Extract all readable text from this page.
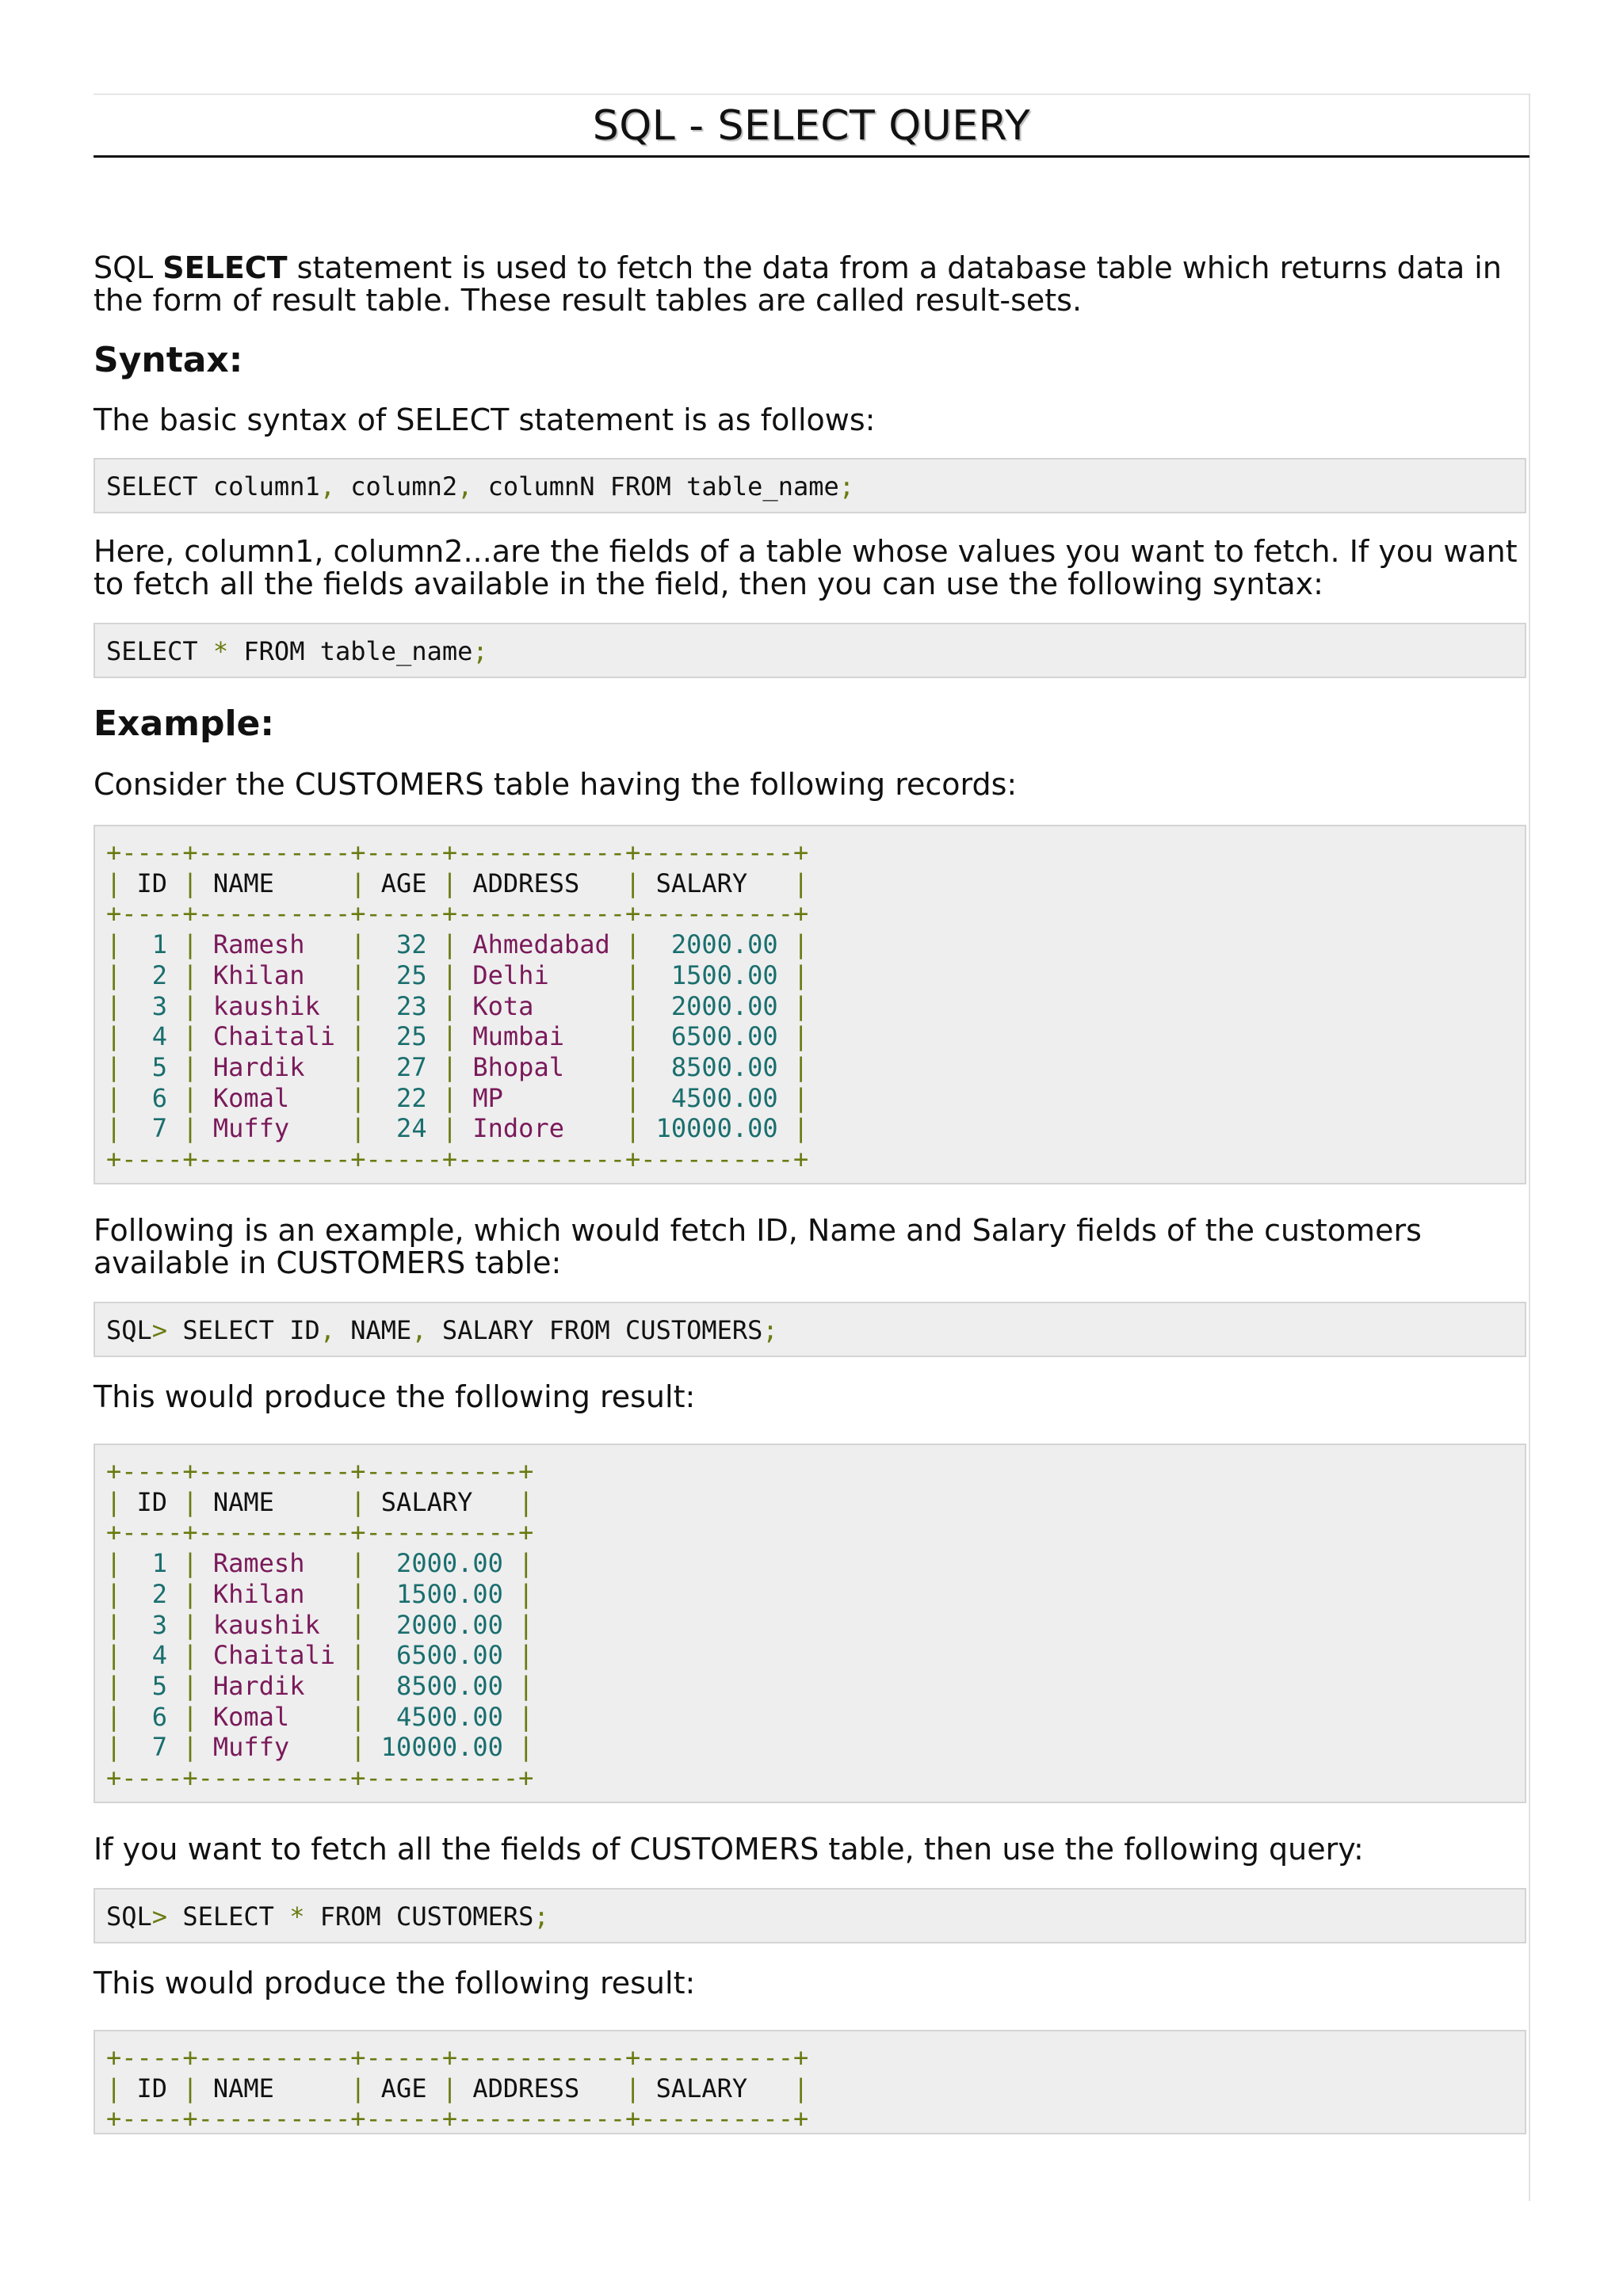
SQL - SELECT QUERY

SQL SELECT statement is used to fetch the data from a database table which returns data in the form of result table. These result tables are called result-sets.

Syntax:

The basic syntax of SELECT statement is as follows:

SELECT column1, column2, columnN FROM table_name;

Here, column1, column2...are the fields of a table whose values you want to fetch. If you want to fetch all the fields available in the field, then you can use the following syntax:

SELECT * FROM table_name;
Example:

Consider the CUSTOMERS table having the following records:

+----+----------+-----+-----------+----------+
| ID | NAME     | AGE | ADDRESS   | SALARY   |
+----+----------+-----+-----------+----------+
|  1 | Ramesh   |  32 | Ahmedabad |  2000.00 |
|  2 | Khilan   |  25 | Delhi     |  1500.00 |
|  3 | kaushik  |  23 | Kota      |  2000.00 |
|  4 | Chaitali |  25 | Mumbai    |  6500.00 |
|  5 | Hardik   |  27 | Bhopal    |  8500.00 |
|  6 | Komal    |  22 | MP        |  4500.00 |
|  7 | Muffy    |  24 | Indore    | 10000.00 |
+----+----------+-----+-----------+----------+

Following is an example, which would fetch ID, Name and Salary fields of the customers available in CUSTOMERS table:

SQL> SELECT ID, NAME, SALARY FROM CUSTOMERS;

This would produce the following result:

+----+----------+----------+
| ID | NAME     | SALARY   |
+----+----------+----------+
|  1 | Ramesh   |  2000.00 |
|  2 | Khilan   |  1500.00 |
|  3 | kaushik  |  2000.00 |
|  4 | Chaitali |  6500.00 |
|  5 | Hardik   |  8500.00 |
|  6 | Komal    |  4500.00 |
|  7 | Muffy    | 10000.00 |
+----+----------+----------+

If you want to fetch all the fields of CUSTOMERS table, then use the following query:

SQL> SELECT * FROM CUSTOMERS;

This would produce the following result:

+----+----------+-----+-----------+----------+
| ID | NAME     | AGE | ADDRESS   | SALARY   |
+----+----------+-----+-----------+----------+
